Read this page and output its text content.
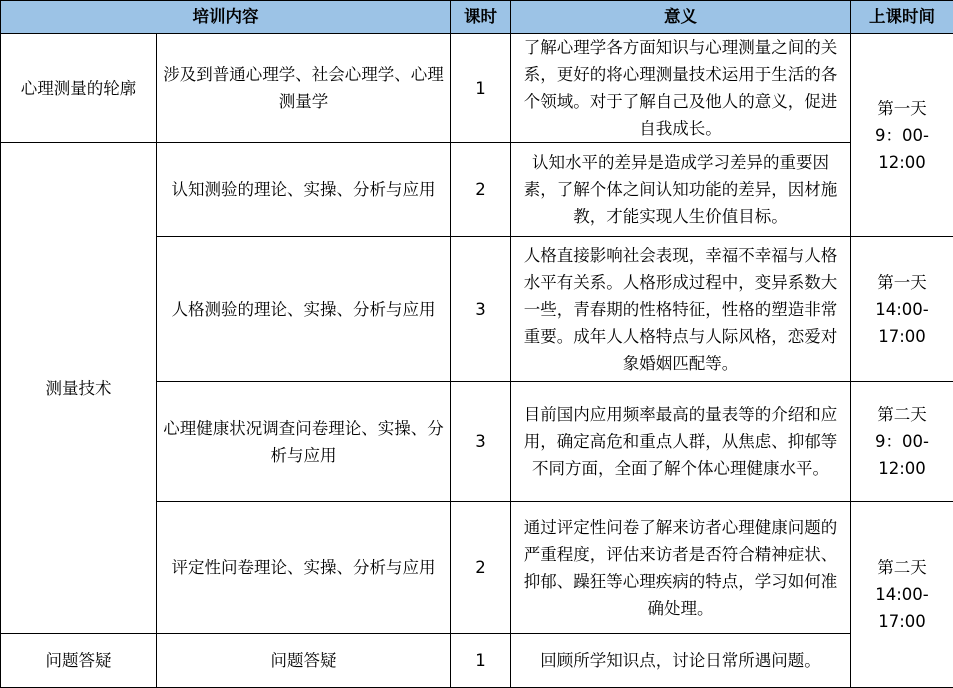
培训内容		课时	意义	上课时间
心理测量的轮廓	涉及到普通心理学、社会心理学、心理测量学	1	了解心理学各方面知识与心理测量之间的关系，更好的将心理测量技术运用于生活的各个领域。对于了解自己及他人的意义，促进自我成长。	第一天
9：00-
12:00
测量技术	认知测验的理论、实操、分析与应用	2	认知水平的差异是造成学习差异的重要因素，了解个体之间认知功能的差异，因材施教，才能实现人生价值目标。	
	人格测验的理论、实操、分析与应用	3	人格直接影响社会表现，幸福不幸福与人格水平有关系。人格形成过程中，变异系数大一些，青春期的性格特征，性格的塑造非常重要。成年人人格特点与人际风格，恋爱对象婚姻匹配等。	第一天
14:00-
17:00
	心理健康状况调查问卷理论、实操、分析与应用	3	目前国内应用频率最高的量表等的介绍和应用，确定高危和重点人群，从焦虑、抑郁等不同方面，全面了解个体心理健康水平。	第二天
9：00-
12:00
	评定性问卷理论、实操、分析与应用	2	通过评定性问卷了解来访者心理健康问题的严重程度，评估来访者是否符合精神症状、抑郁、躁狂等心理疾病的特点，学习如何准确处理。	第二天
14:00-
17:00
问题答疑	问题答疑	1	回顾所学知识点，讨论日常所遇问题。	
